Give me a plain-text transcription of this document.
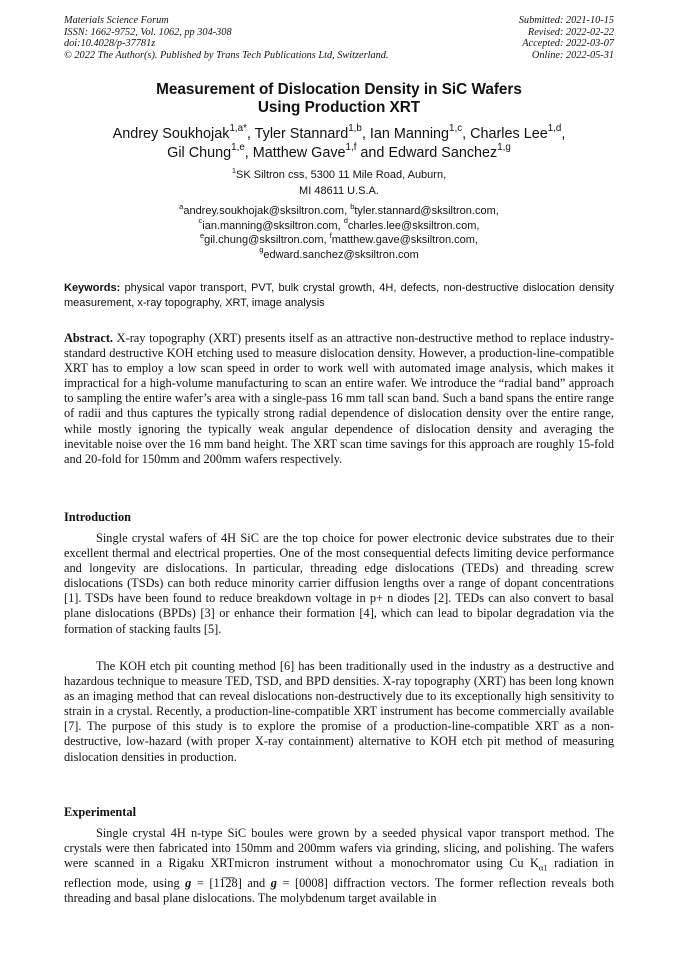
Materials Science Forum
ISSN: 1662-9752, Vol. 1062, pp 304-308
doi:10.4028/p-37781z
© 2022 The Author(s). Published by Trans Tech Publications Ltd, Switzerland.
Submitted: 2021-10-15
Revised: 2022-02-22
Accepted: 2022-03-07
Online: 2022-05-31
Measurement of Dislocation Density in SiC Wafers
Using Production XRT
Andrey Soukhojak$^{1,a*}$, Tyler Stannard$^{1,b}$, Ian Manning$^{1,c}$, Charles Lee$^{1,d}$,
Gil Chung$^{1,e}$, Matthew Gave$^{1,f}$ and Edward Sanchez$^{1,g}$
$^1$SK Siltron css, 5300 11 Mile Road, Auburn,
MI 48611 U.S.A.
$^a$andrey.soukhojak@sksiltron.com, $^b$tyler.stannard@sksiltron.com,
$^c$ian.manning@sksiltron.com, $^d$charles.lee@sksiltron.com,
$^e$gil.chung@sksiltron.com, $^f$matthew.gave@sksiltron.com,
$^g$edward.sanchez@sksiltron.com
Keywords: physical vapor transport, PVT, bulk crystal growth, 4H, defects, non-destructive dislocation density measurement, x-ray topography, XRT, image analysis
Abstract. X-ray topography (XRT) presents itself as an attractive non-destructive method to replace industry-standard destructive KOH etching used to measure dislocation density. However, a production-line-compatible XRT has to employ a low scan speed in order to work well with automated image analysis, which makes it impractical for a high-volume manufacturing to scan an entire wafer. We introduce the “radial band” approach to sampling the entire wafer’s area with a single-pass 16 mm tall scan band. Such a band spans the entire range of radii and thus captures the typically strong radial dependence of dislocation density over the entire range, while mostly ignoring the typically weak angular dependence of dislocation density and averaging the inevitable noise over the 16 mm band height. The XRT scan time savings for this approach are roughly 15-fold and 20-fold for 150mm and 200mm wafers respectively.
Introduction
Single crystal wafers of 4H SiC are the top choice for power electronic device substrates due to their excellent thermal and electrical properties. One of the most consequential defects limiting device performance and longevity are dislocations. In particular, threading edge dislocations (TEDs) and threading screw dislocations (TSDs) can both reduce minority carrier diffusion lengths over a range of dopant concentrations [1]. TSDs have been found to reduce breakdown voltage in p+ n diodes [2]. TEDs can also convert to basal plane dislocations (BPDs) [3] or enhance their formation [4], which can lead to bipolar degradation via the formation of stacking faults [5].
The KOH etch pit counting method [6] has been traditionally used in the industry as a destructive and hazardous technique to measure TED, TSD, and BPD densities. X-ray topography (XRT) has been long known as an imaging method that can reveal dislocations non-destructively due to its exceptionally high sensitivity to strain in a crystal. Recently, a production-line-compatible XRT instrument has become commercially available [7]. The purpose of this study is to explore the promise of a production-line-compatible XRT as a non-destructive, low-hazard (with proper X-ray containment) alternative to KOH etch pit method of measuring dislocation densities in production.
Experimental
Single crystal 4H n-type SiC boules were grown by a seeded physical vapor transport method. The crystals were then fabricated into 150mm and 200mm wafers via grinding, slicing, and polishing. The wafers were scanned in a Rigaku XRTmicron instrument without a monochromator using Cu $K_{\alpha 1}$ radiation in reflection mode, using g = [11̅2̅8] and g = [0008] diffraction vectors. The former reflection reveals both threading and basal plane dislocations. The molybdenum target available in
